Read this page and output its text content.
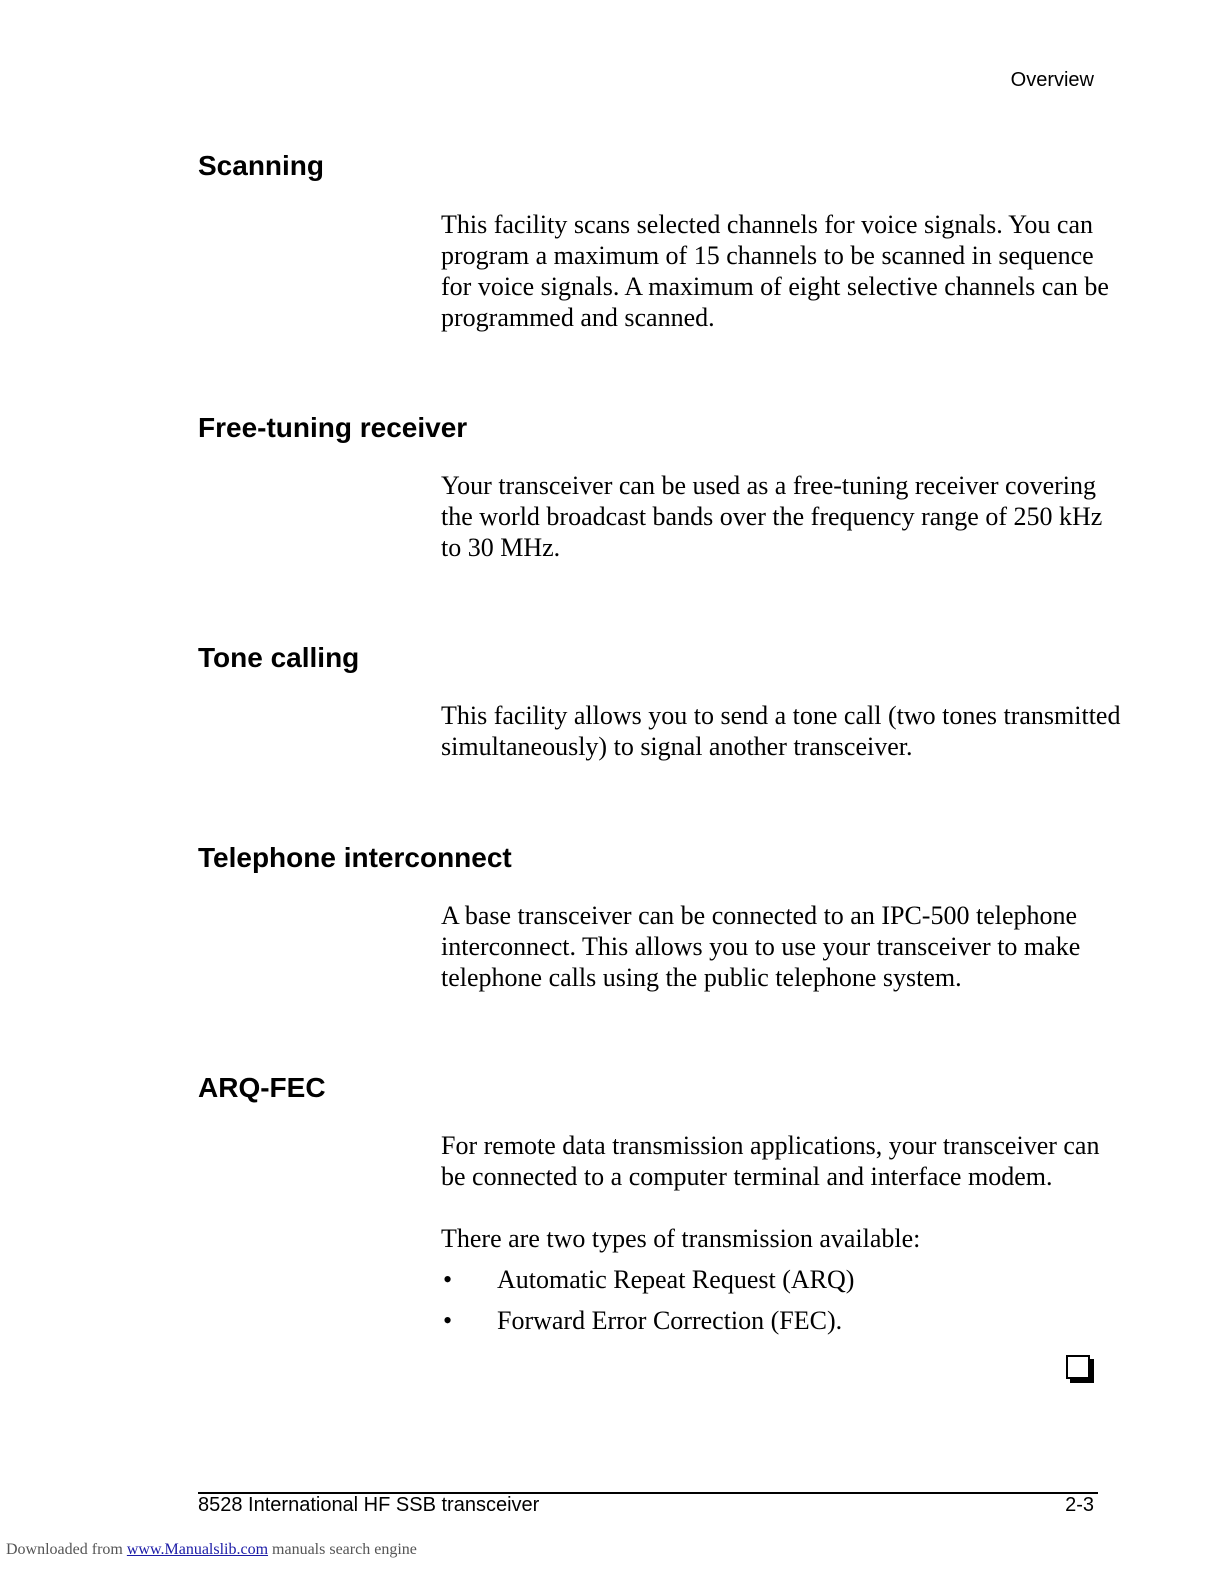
Overview
Scanning

This facility scans selected channels for voice signals. You can program a maximum of 15 channels to be scanned in sequence for voice signals. A maximum of eight selective channels can be programmed and scanned.

Free-tuning receiver

Your transceiver can be used as a free-tuning receiver covering the world broadcast bands over the frequency range of 250 kHz to 30 MHz.

Tone calling

This facility allows you to send a tone call (two tones transmitted simultaneously) to signal another transceiver.

Telephone interconnect

A base transceiver can be connected to an IPC-500 telephone interconnect. This allows you to use your transceiver to make telephone calls using the public telephone system.

ARQ-FEC

For remote data transmission applications, your transceiver can be connected to a computer terminal and interface modem.

There are two types of transmission available:

• Automatic Repeat Request (ARQ)
• Forward Error Correction (FEC).
8528 International HF SSB transceiver	2-3
Downloaded from www.Manualslib.com manuals search engine
